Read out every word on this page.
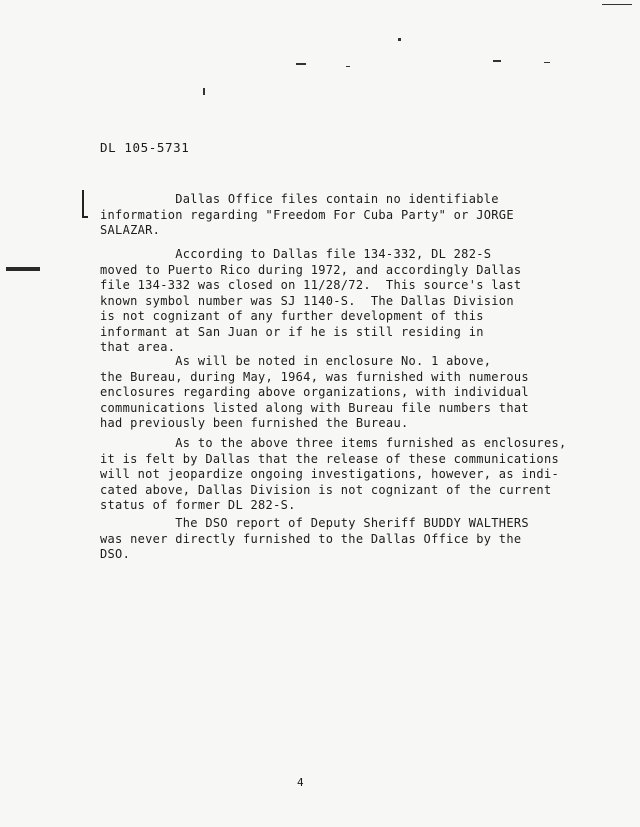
DL 105-5731
Dallas Office files contain no identifiable
information regarding "Freedom For Cuba Party" or JORGE
SALAZAR.
According to Dallas file 134-332, DL 282-S
moved to Puerto Rico during 1972, and accordingly Dallas
file 134-332 was closed on 11/28/72.  This source's last
known symbol number was SJ 1140-S.  The Dallas Division
is not cognizant of any further development of this
informant at San Juan or if he is still residing in
that area.
As will be noted in enclosure No. 1 above,
the Bureau, during May, 1964, was furnished with numerous
enclosures regarding above organizations, with individual
communications listed along with Bureau file numbers that
had previously been furnished the Bureau.
As to the above three items furnished as enclosures,
it is felt by Dallas that the release of these communications
will not jeopardize ongoing investigations, however, as indi-
cated above, Dallas Division is not cognizant of the current
status of former DL 282-S.
The DSO report of Deputy Sheriff BUDDY WALTHERS
was never directly furnished to the Dallas Office by the
DSO.
4
